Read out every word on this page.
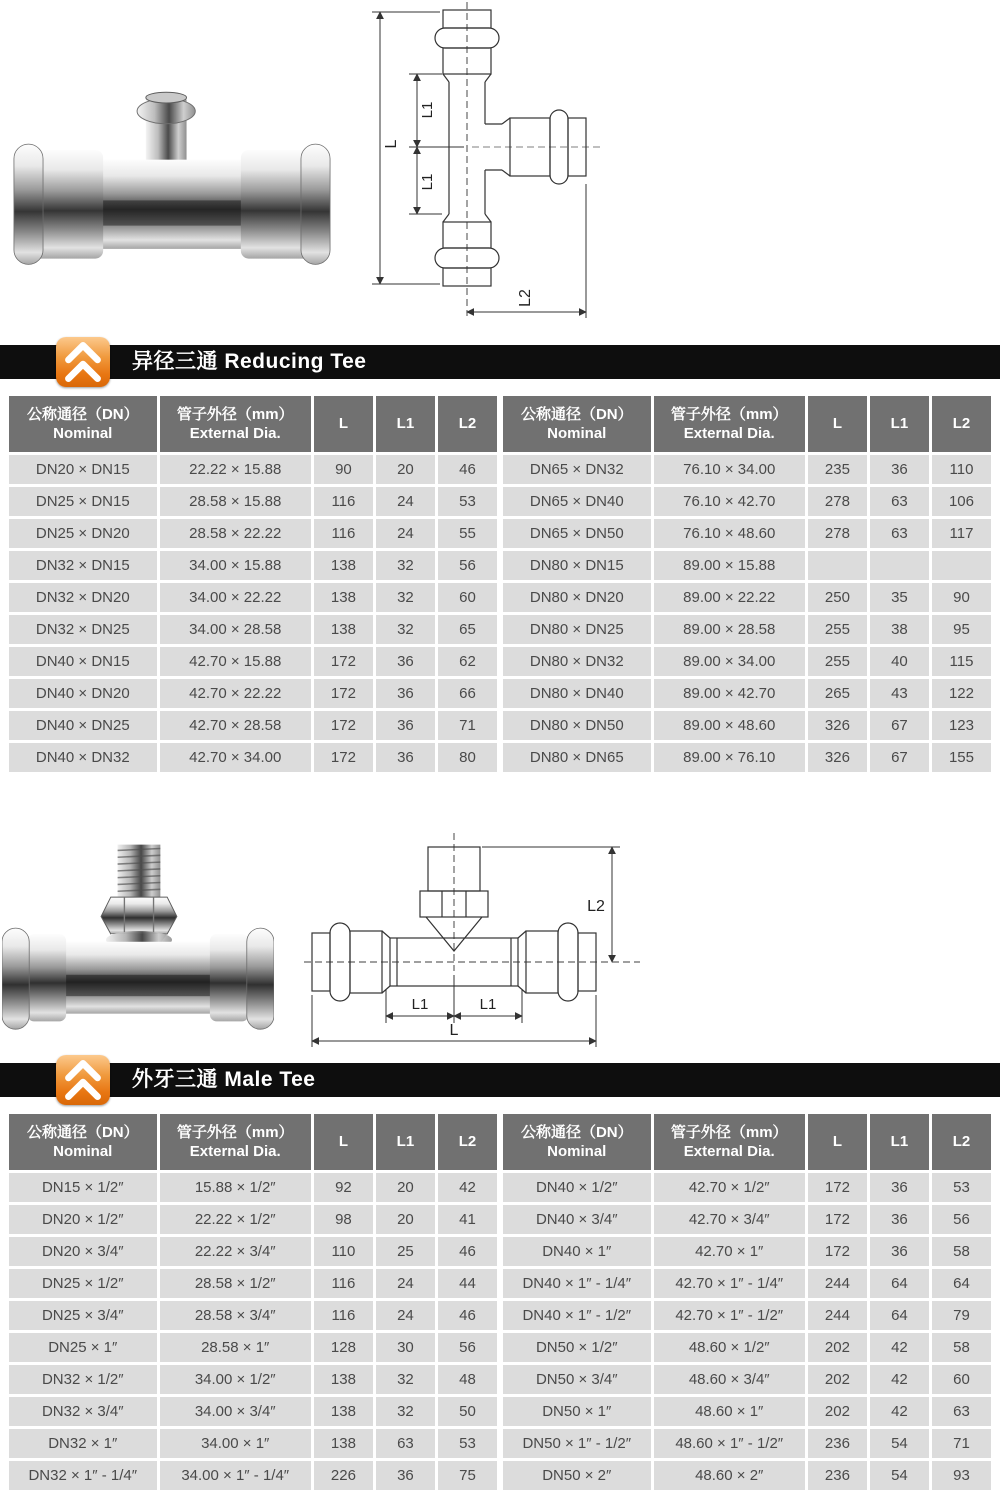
L
L1
L1
L2
异径三通 Reducing Tee
公称通径（DN）
Nominal	管子外径（mm）
External Dia.	L	L1	L2
DN20 × DN15	22.22 × 15.88	90	20	46
DN25 × DN15	28.58 × 15.88	116	24	53
DN25 × DN20	28.58 × 22.22	116	24	55
DN32 × DN15	34.00 × 15.88	138	32	56
DN32 × DN20	34.00 × 22.22	138	32	60
DN32 × DN25	34.00 × 28.58	138	32	65
DN40 × DN15	42.70 × 15.88	172	36	62
DN40 × DN20	42.70 × 22.22	172	36	66
DN40 × DN25	42.70 × 28.58	172	36	71
DN40 × DN32	42.70 × 34.00	172	36	80
公称通径（DN）
Nominal	管子外径（mm）
External Dia.	L	L1	L2
DN65 × DN32	76.10 × 34.00	235	36	110
DN65 × DN40	76.10 × 42.70	278	63	106
DN65 × DN50	76.10 × 48.60	278	63	117
DN80 × DN15	89.00 × 15.88			
DN80 × DN20	89.00 × 22.22	250	35	90
DN80 × DN25	89.00 × 28.58	255	38	95
DN80 × DN32	89.00 × 34.00	255	40	115
DN80 × DN40	89.00 × 42.70	265	43	122
DN80 × DN50	89.00 × 48.60	326	67	123
DN80 × DN65	89.00 × 76.10	326	67	155
L2
L1	L1
L
外牙三通 Male Tee
公称通径（DN）
Nominal	管子外径（mm）
External Dia.	L	L1	L2
DN15 × 1/2″	15.88 × 1/2″	92	20	42
DN20 × 1/2″	22.22 × 1/2″	98	20	41
DN20 × 3/4″	22.22 × 3/4″	110	25	46
DN25 × 1/2″	28.58 × 1/2″	116	24	44
DN25 × 3/4″	28.58 × 3/4″	116	24	46
DN25 × 1″	28.58 × 1″	128	30	56
DN32 × 1/2″	34.00 × 1/2″	138	32	48
DN32 × 3/4″	34.00 × 3/4″	138	32	50
DN32 × 1″	34.00 × 1″	138	63	53
DN32 × 1″ - 1/4″	34.00 × 1″ - 1/4″	226	36	75
公称通径（DN）
Nominal	管子外径（mm）
External Dia.	L	L1	L2
DN40 × 1/2″	42.70 × 1/2″	172	36	53
DN40 × 3/4″	42.70 × 3/4″	172	36	56
DN40 × 1″	42.70 × 1″	172	36	58
DN40 × 1″ - 1/4″	42.70 × 1″ - 1/4″	244	64	64
DN40 × 1″ - 1/2″	42.70 × 1″ - 1/2″	244	64	79
DN50 × 1/2″	48.60 × 1/2″	202	42	58
DN50 × 3/4″	48.60 × 3/4″	202	42	60
DN50 × 1″	48.60 × 1″	202	42	63
DN50 × 1″ - 1/2″	48.60 × 1″ - 1/2″	236	54	71
DN50 × 2″	48.60 × 2″	236	54	93
